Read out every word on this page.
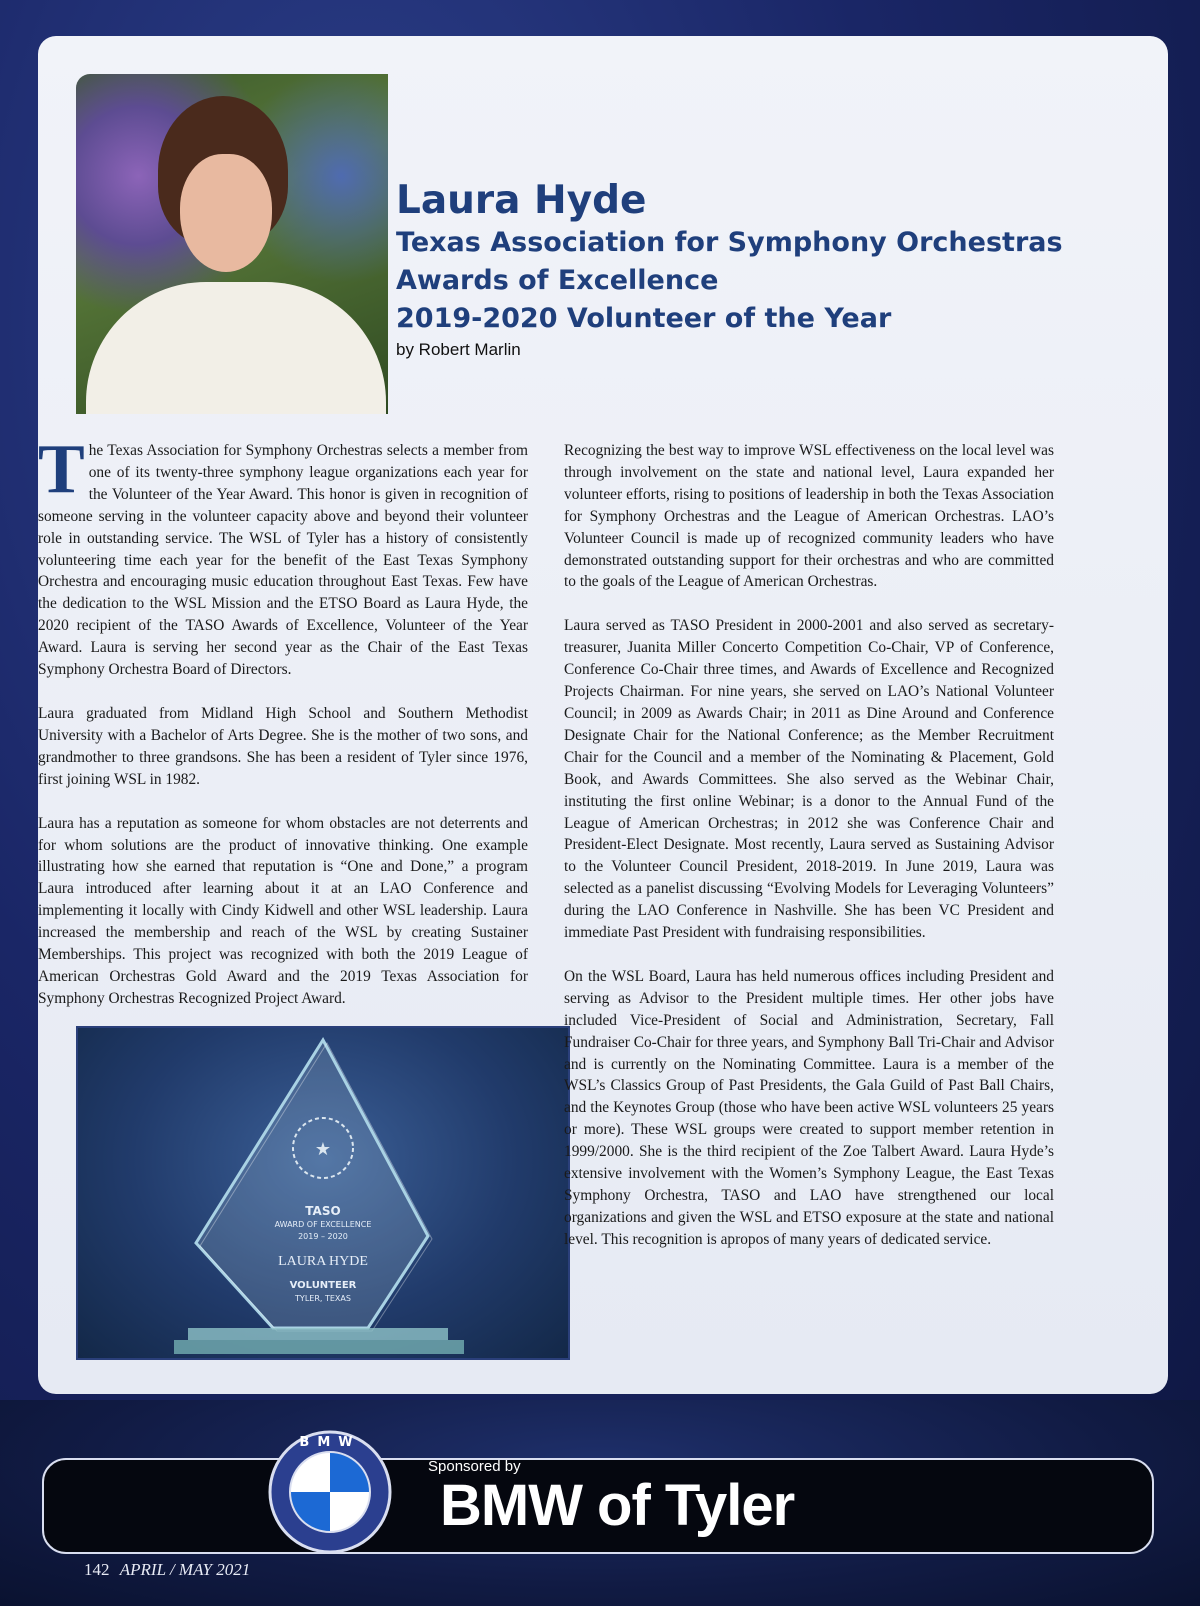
★
TASO
AWARD OF EXCELLENCE
2019 – 2020
LAURA HYDE
VOLUNTEER
TYLER, TEXAS
Laura Hyde
Texas Association for Symphony Orchestras
Awards of Excellence
2019-2020 Volunteer of the Year
by Robert Marlin

The Texas Association for Symphony Orchestras selects a member from one of its twenty-three symphony league organizations each year for the Volunteer of the Year Award. This honor is given in recognition of someone serving in the volunteer capacity above and beyond their volunteer role in outstanding service. The WSL of Tyler has a history of consistently volunteering time each year for the benefit of the East Texas Symphony Orchestra and encouraging music education throughout East Texas. Few have the dedication to the WSL Mission and the ETSO Board as Laura Hyde, the 2020 recipient of the TASO Awards of Excellence, Volunteer of the Year Award. Laura is serving her second year as the Chair of the East Texas Symphony Orchestra Board of Directors.

Laura graduated from Midland High School and Southern Methodist University with a Bachelor of Arts Degree. She is the mother of two sons, and grandmother to three grandsons. She has been a resident of Tyler since 1976, first joining WSL in 1982.

Laura has a reputation as someone for whom obstacles are not deterrents and for whom solutions are the product of innovative thinking. One example illustrating how she earned that reputation is “One and Done,” a program Laura introduced after learning about it at an LAO Conference and implementing it locally with Cindy Kidwell and other WSL leadership. Laura increased the membership and reach of the WSL by creating Sustainer Memberships. This project was recognized with both the 2019 League of American Orchestras Gold Award and the 2019 Texas Association for Symphony Orchestras Recognized Project Award.

Recognizing the best way to improve WSL effectiveness on the local level was through involvement on the state and national level, Laura expanded her volunteer efforts, rising to positions of leadership in both the Texas Association for Symphony Orchestras and the League of American Orchestras. LAO’s Volunteer Council is made up of recognized community leaders who have demonstrated outstanding support for their orchestras and who are committed to the goals of the League of American Orchestras.

Laura served as TASO President in 2000-2001 and also served as secretary-treasurer, Juanita Miller Concerto Competition Co-Chair, VP of Conference, Conference Co-Chair three times, and Awards of Excellence and Recognized Projects Chairman. For nine years, she served on LAO’s National Volunteer Council; in 2009 as Awards Chair; in 2011 as Dine Around and Conference Designate Chair for the National Conference; as the Member Recruitment Chair for the Council and a member of the Nominating & Placement, Gold Book, and Awards Committees. She also served as the Webinar Chair, instituting the first online Webinar; is a donor to the Annual Fund of the League of American Orchestras; in 2012 she was Conference Chair and President-Elect Designate. Most recently, Laura served as Sustaining Advisor to the Volunteer Council President, 2018-2019. In June 2019, Laura was selected as a panelist discussing “Evolving Models for Leveraging Volunteers” during the LAO Conference in Nashville. She has been VC President and immediate Past President with fundraising responsibilities.

On the WSL Board, Laura has held numerous offices including President and serving as Advisor to the President multiple times. Her other jobs have included Vice-President of Social and Administration, Secretary, Fall Fundraiser Co-Chair for three years, and Symphony Ball Tri-Chair and Advisor and is currently on the Nominating Committee. Laura is a member of the WSL’s Classics Group of Past Presidents, the Gala Guild of Past Ball Chairs, and the Keynotes Group (those who have been active WSL volunteers 25 years or more). These WSL groups were created to support member retention in 1999/2000. She is the third recipient of the Zoe Talbert Award. Laura Hyde’s extensive involvement with the Women’s Symphony League, the East Texas Symphony Orchestra, TASO and LAO have strengthened our local organizations and given the WSL and ETSO exposure at the state and national level. This recognition is apropos of many years of dedicated service.

BMW
Sponsored by
BMW of Tyler
142 APRIL / MAY 2021
